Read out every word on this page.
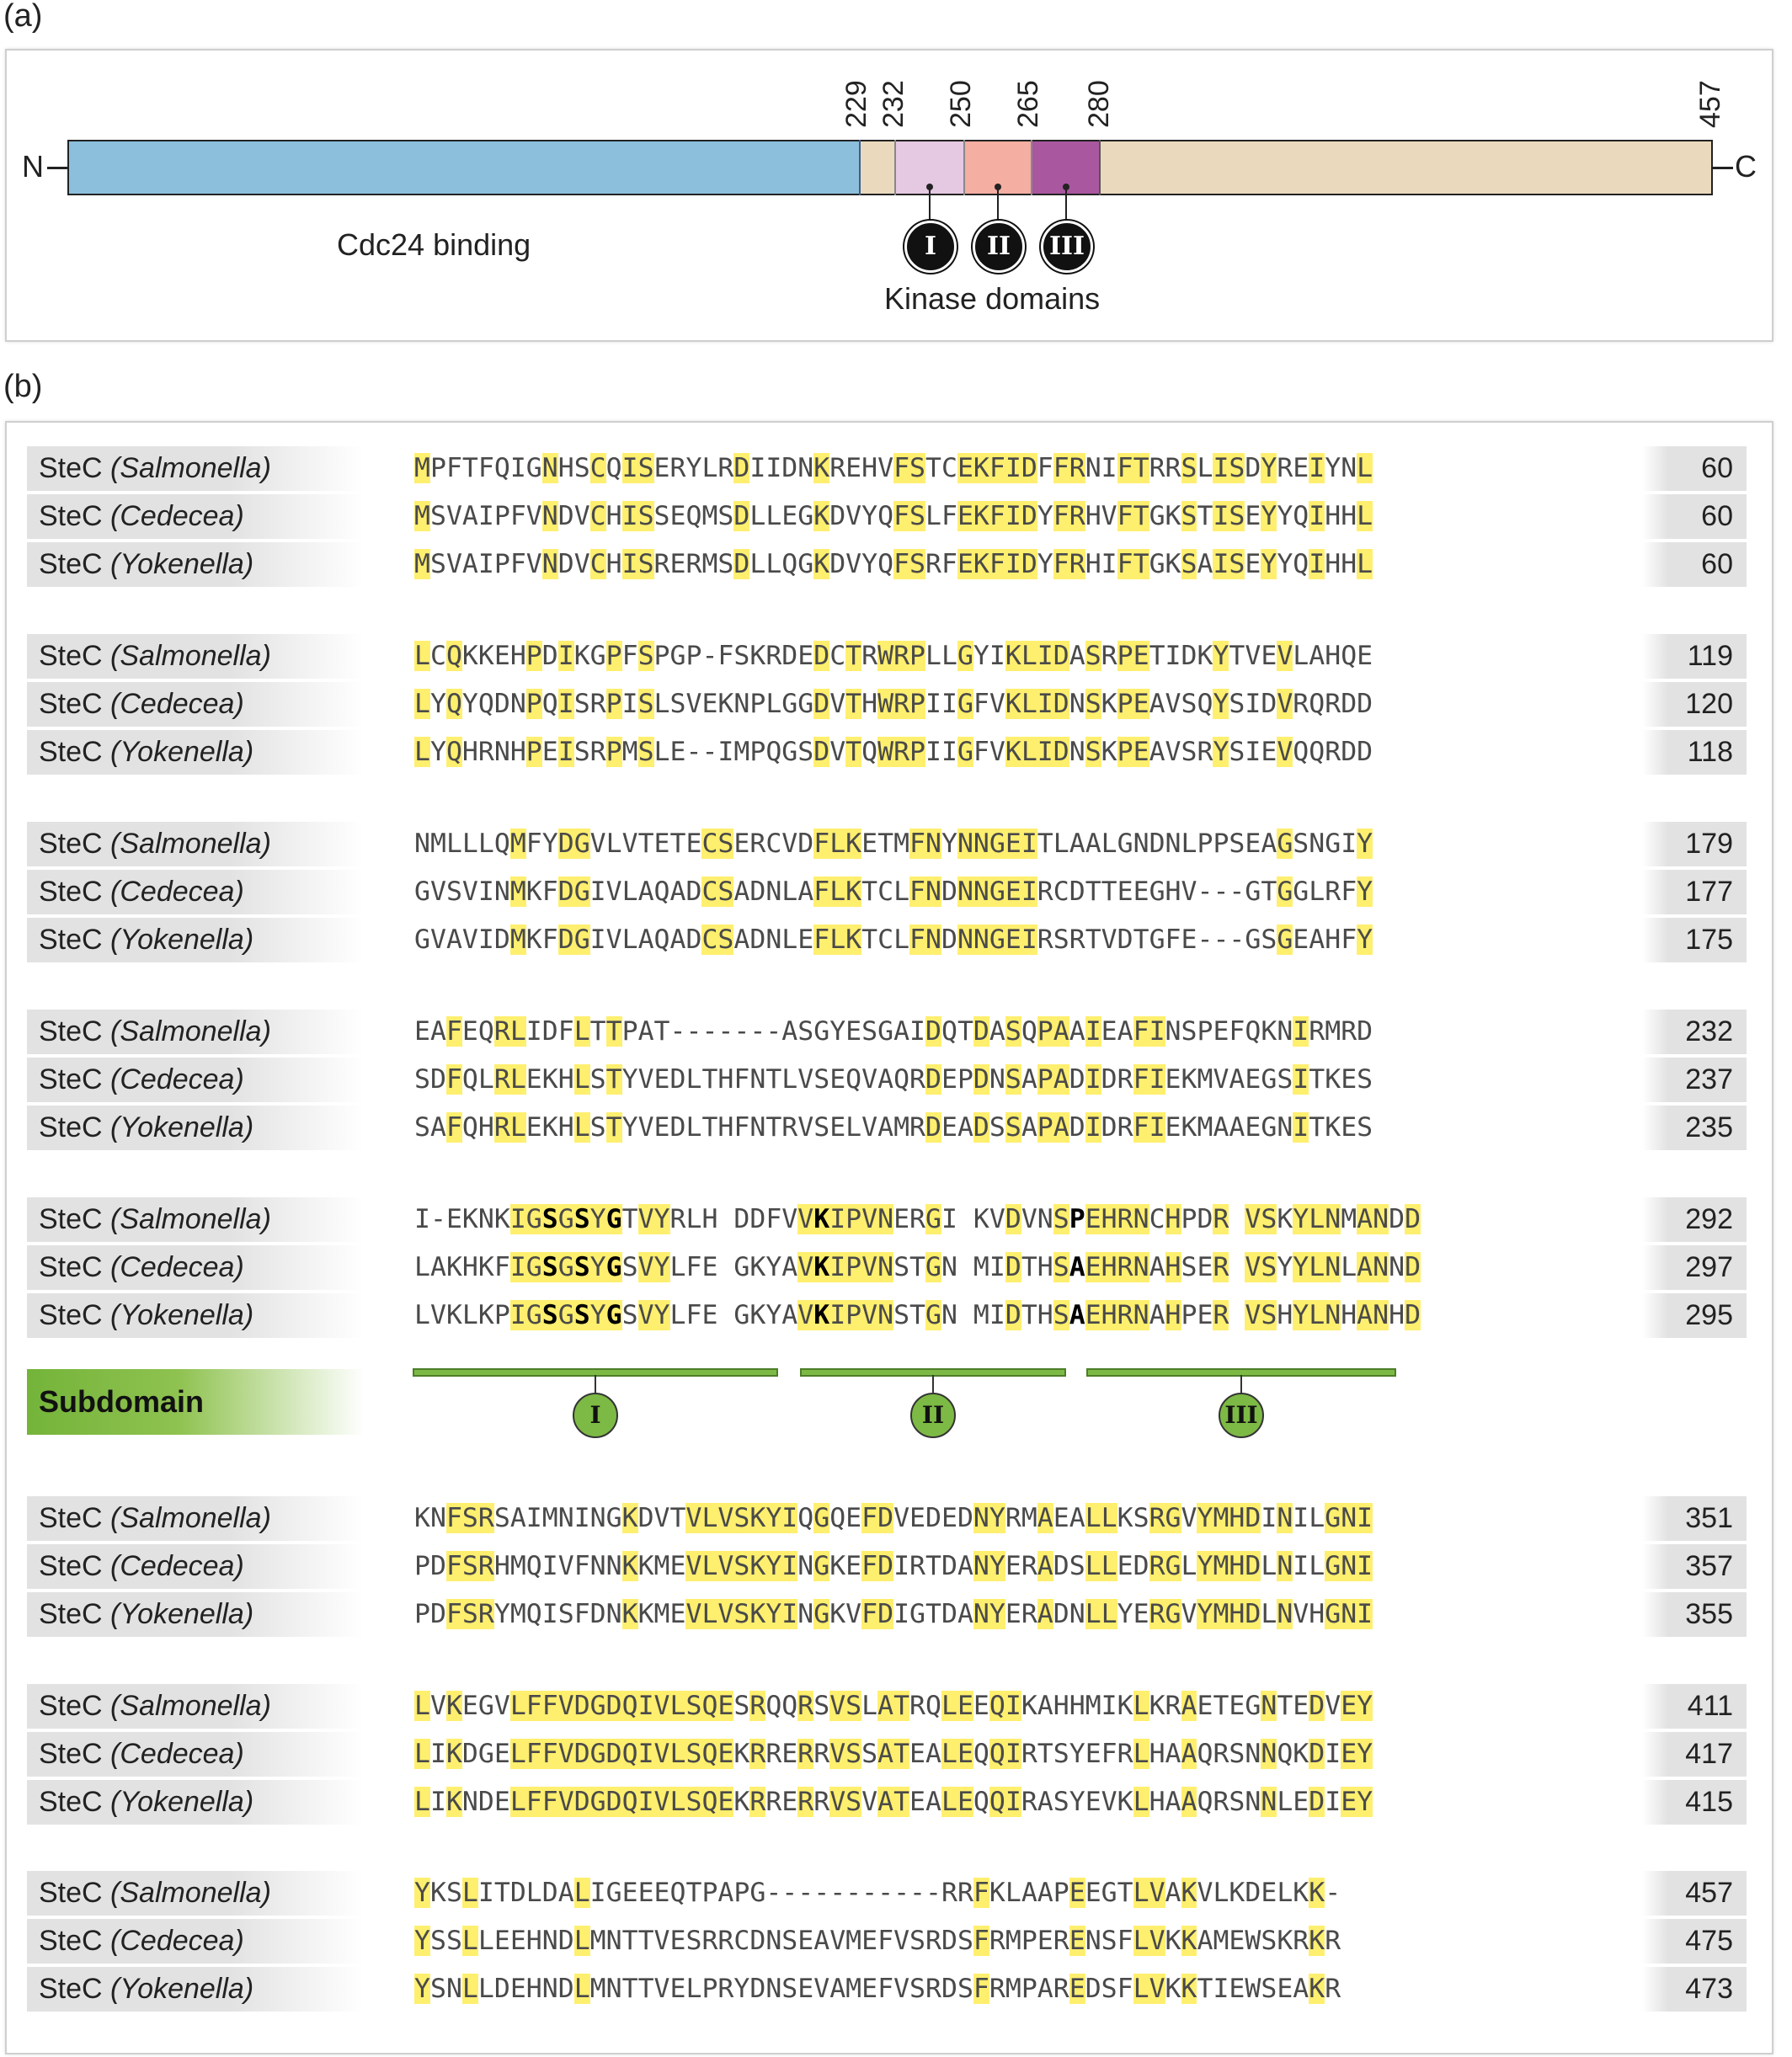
(a)
N	C
229 232 250 265 280	457
Cdc24 binding	I	II	III
Kinase domains
(b)
SteC (Salmonella)	MPFTFQIGNHSCQISERYLRDIIDNKREHVFSTCEKFIDFFRNIFTRRSLISDYREIYNL	60
SteC (Cedecea)	MSVAIPFVNDVCHISSEQMSDLLEGKDVYQFSLFEKFIDYFRHVFTGKSTISEYYQIHHL	60
SteC (Yokenella)	MSVAIPFVNDVCHISRERMSDLLQGKDVYQFSRFEKFIDYFRHIFTGKSAISEYYQIHHL	60
SteC (Salmonella)	LCQKKEHPDIKGPFSPGP-FSKRDEDCTRWRPLLGYIKLIDASRPETIDKYTVEVLAHQE	119
SteC (Cedecea)	LYQYQDNPQISRPISLSVEKNPLGGDVTHWRPIIGFVKLIDNSKPEAVSQYSIDVRQRDD	120
SteC (Yokenella)	LYQHRNHPEISRPMSLE--IMPQGSDVTQWRPIIGFVKLIDNSKPEAVSRYSIEVQQRDD	118
SteC (Salmonella)	NMLLLQMFYDGVLVTETECSERCVDFLKETMFNYNNGEITLAALGNDNLPPSEAGSNGIY	179
SteC (Cedecea)	GVSVINMKFDGIVLAQADCSADNLAFLKTCLFNDNNGEIRCDTTEEGHV---GTGGLRFY	177
SteC (Yokenella)	GVAVIDMKFDGIVLAQADCSADNLEFLKTCLFNDNNGEIRSRTVDTGFE---GSGEAHFY	175
SteC (Salmonella)	EAFEQRLIDFLTTPAT-------ASGYESGAIDQTDASQPAAIEAFINSPEFQKNIRMRD	232
SteC (Cedecea)	SDFQLRLEKHLSTYVEDLTHFNTLVSEQVAQRDEPDNSAPADIDRFIEKMVAEGSITKES	237
SteC (Yokenella)	SAFQHRLEKHLSTYVEDLTHFNTRVSELVAMRDEADSSAPADIDRFIEKMAAEGNITKES	235
SteC (Salmonella)	I-EKNKIGSGSYGTVYRLH DDFVVKIPVNERGI KVDVNSPEHRNCHPDR VSKYLNMANDD	292
SteC (Cedecea)	LAKHKFIGSGSYGSVYLFE GKYAVKIPVNSTGN MIDTHSAEHRNAHSER VSYYLNLANND	297
SteC (Yokenella)	LVKLKPIGSGSYGSVYLFE GKYAVKIPVNSTGN MIDTHSAEHRNAHPER VSHYLNHANHD	295
SteC (Salmonella)	KNFSRSAIMNINGKDVTVLVSKYIQGQEFDVEDEDNYRMAEALLKSRGVYMHDINILGNI	351
SteC (Cedecea)	PDFSRHMQIVFNNKKMEVLVSKYINGKEFDIRTDANYERADSLLEDRGLYMHDLNILGNI	357
SteC (Yokenella)	PDFSRYMQISFDNKKMEVLVSKYINGKVFDIGTDANYERADNLLYERGVYMHDLNVHGNI	355
SteC (Salmonella)	LVKEGVLFFVDGDQIVLSQESRQQRSVSLATRQLEEQIKAHHMIKLKRAETEGNTEDVEY	411
SteC (Cedecea)	LIKDGELFFVDGDQIVLSQEKRRERRVSSATEALEQQIRTSYEFRLHAAQRSNNQKDIEY	417
SteC (Yokenella)	LIKNDELFFVDGDQIVLSQEKRRERRVSVATEALEQQIRASYEVKLHAAQRSNNLEDIEY	415
SteC (Salmonella)	YKSLITDLDALIGEEEQTPAPG-----------RRFKLAAPEEGTLVAKVLKDELKK-	457
SteC (Cedecea)	YSSLLEEHNDLMNTTVESRRCDNSEAVMEFVSRDSFRMPERENSFLVKKAMEWSKRKR	475
SteC (Yokenella)	YSNLLDEHNDLMNTTVELPRYDNSEVAMEFVSRDSFRMPAREDSFLVKKTIEWSEAKR	473
Subdomain	I	II	III
